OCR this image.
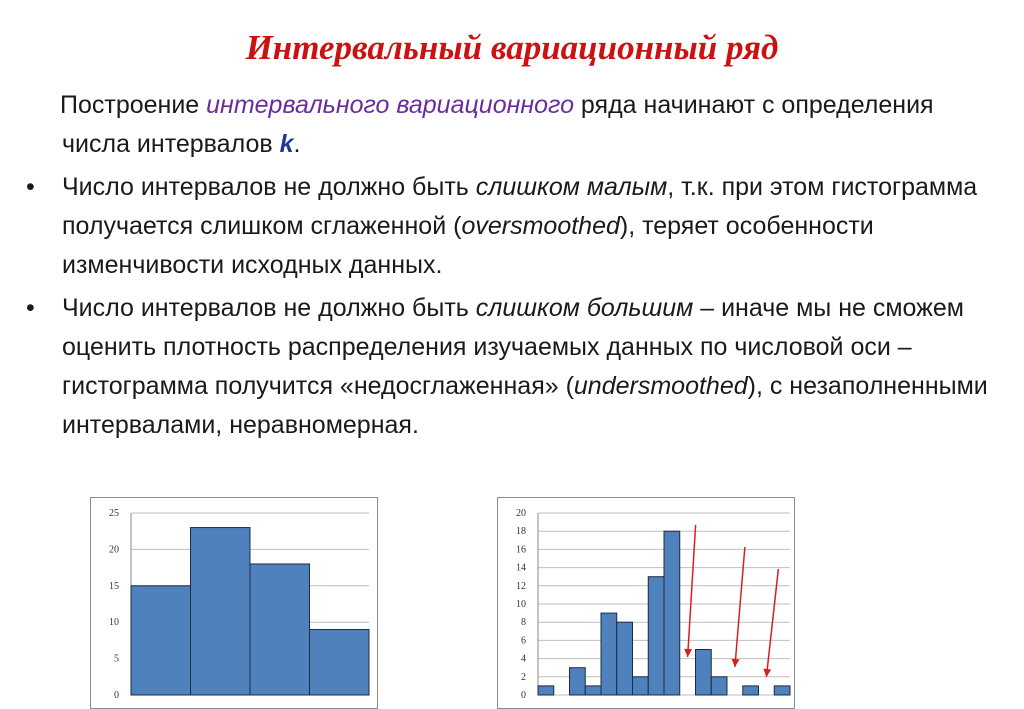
Интервальный вариационный ряд
Построение интервального вариационного ряда начинают с определения числа интервалов k.
• Число интервалов не должно быть слишком малым, т.к. при этом гистограмма получается слишком сглаженной (oversmoothed), теряет особенности изменчивости исходных данных.
• Число интервалов не должно быть слишком большим – иначе мы не сможем оценить плотность распределения изучаемых данных по числовой оси – гистограмма получится «недосглаженная» (undersmoothed), с незаполненными интервалами, неравномерная.
0
5
10
15
20
25
0
2
4
6
8
10
12
14
16
18
20
